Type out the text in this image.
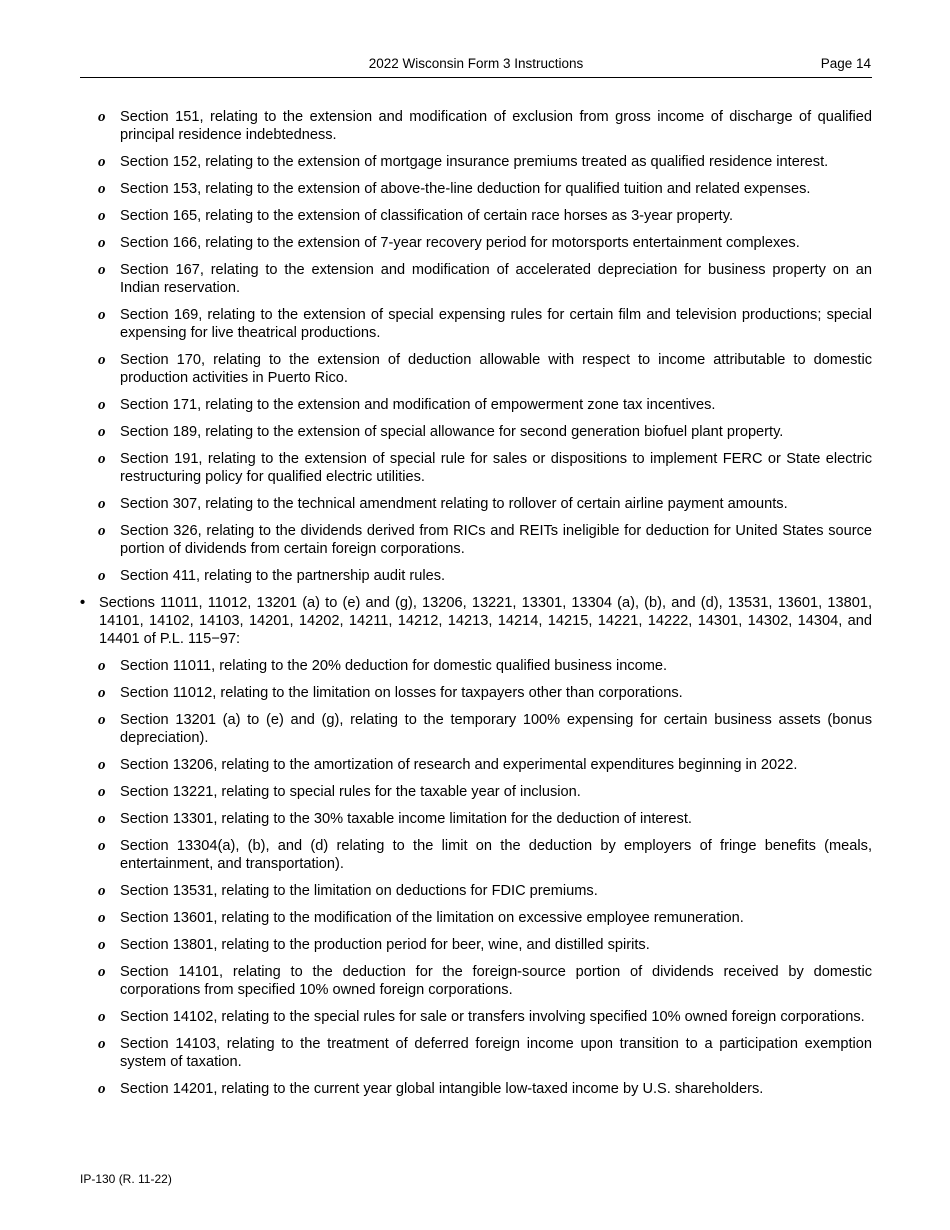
2022 Wisconsin Form 3 Instructions	Page 14
o Section 151, relating to the extension and modification of exclusion from gross income of discharge of qualified principal residence indebtedness.
o Section 152, relating to the extension of mortgage insurance premiums treated as qualified residence interest.
o Section 153, relating to the extension of above-the-line deduction for qualified tuition and related expenses.
o Section 165, relating to the extension of classification of certain race horses as 3-year property.
o Section 166, relating to the extension of 7-year recovery period for motorsports entertainment complexes.
o Section 167, relating to the extension and modification of accelerated depreciation for business property on an Indian reservation.
o Section 169, relating to the extension of special expensing rules for certain film and television productions; special expensing for live theatrical productions.
o Section 170, relating to the extension of deduction allowable with respect to income attributable to domestic production activities in Puerto Rico.
o Section 171, relating to the extension and modification of empowerment zone tax incentives.
o Section 189, relating to the extension of special allowance for second generation biofuel plant property.
o Section 191, relating to the extension of special rule for sales or dispositions to implement FERC or State electric restructuring policy for qualified electric utilities.
o Section 307, relating to the technical amendment relating to rollover of certain airline payment amounts.
o Section 326, relating to the dividends derived from RICs and REITs ineligible for deduction for United States source portion of dividends from certain foreign corporations.
o Section 411, relating to the partnership audit rules.
• Sections 11011, 11012, 13201 (a) to (e) and (g), 13206, 13221, 13301, 13304 (a), (b), and (d), 13531, 13601, 13801, 14101, 14102, 14103, 14201, 14202, 14211, 14212, 14213, 14214, 14215, 14221, 14222, 14301, 14302, 14304, and 14401 of P.L. 115−97:
o Section 11011, relating to the 20% deduction for domestic qualified business income.
o Section 11012, relating to the limitation on losses for taxpayers other than corporations.
o Section 13201 (a) to (e) and (g), relating to the temporary 100% expensing for certain business assets (bonus depreciation).
o Section 13206, relating to the amortization of research and experimental expenditures beginning in 2022.
o Section 13221, relating to special rules for the taxable year of inclusion.
o Section 13301, relating to the 30% taxable income limitation for the deduction of interest.
o Section 13304(a), (b), and (d) relating to the limit on the deduction by employers of fringe benefits (meals, entertainment, and transportation).
o Section 13531, relating to the limitation on deductions for FDIC premiums.
o Section 13601, relating to the modification of the limitation on excessive employee remuneration.
o Section 13801, relating to the production period for beer, wine, and distilled spirits.
o Section 14101, relating to the deduction for the foreign-source portion of dividends received by domestic corporations from specified 10% owned foreign corporations.
o Section 14102, relating to the special rules for sale or transfers involving specified 10% owned foreign corporations.
o Section 14103, relating to the treatment of deferred foreign income upon transition to a participation exemption system of taxation.
o Section 14201, relating to the current year global intangible low-taxed income by U.S. shareholders.
IP-130 (R. 11-22)
